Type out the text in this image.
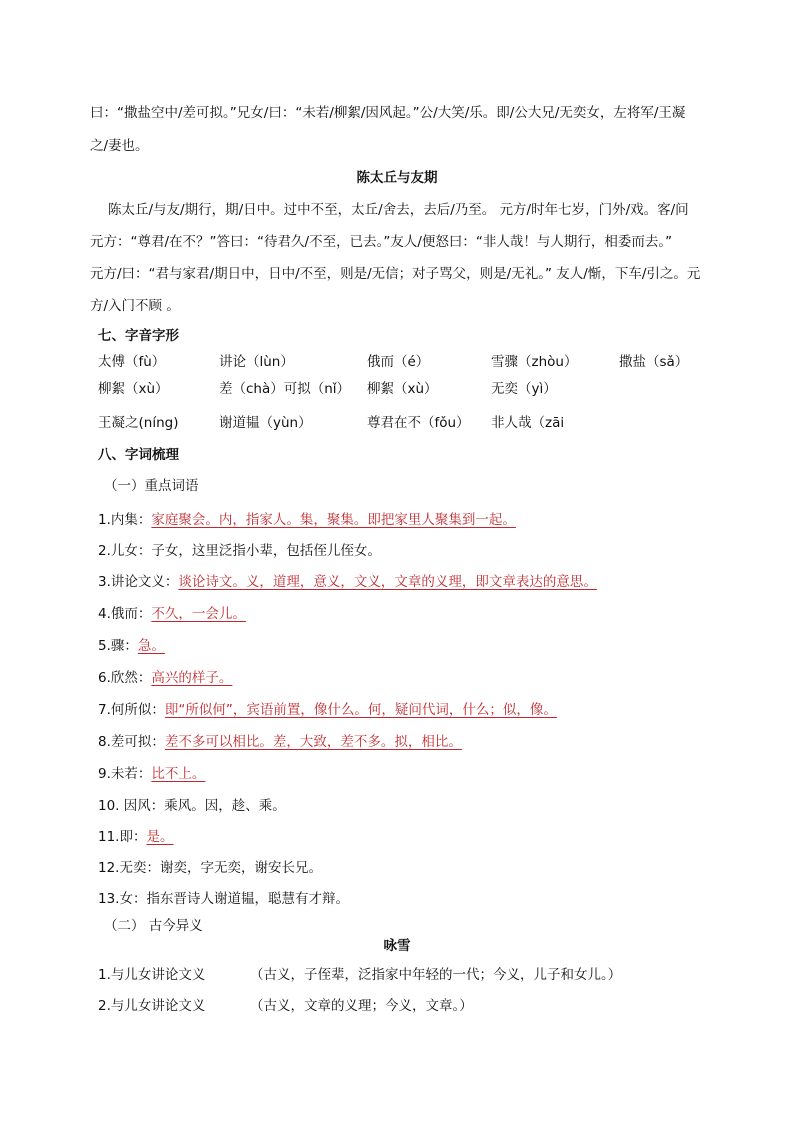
曰：“撒盐空中/差可拟。”兄女/曰：“未若/柳絮/因风起。”公/大笑/乐。即/公大兄/无奕女，左将军/王凝
之/妻也。
陈太丘与友期
陈太丘/与友/期行，期/日中。过中不至，太丘/舍去，去后/乃至。 元方/时年七岁，门外/戏。客/问
元方：“尊君/在不？”答曰：“待君久/不至，已去。”友人/便怒曰：“非人哉！与人期行，相委而去。”
元方/曰：“君与家君/期日中，日中/不至，则是/无信；对子骂父，则是/无礼。” 友人/惭，下车/引之。元
方/入门不顾 。
七、字音字形
太傅（fù）	讲论（lùn）	俄而（é）	雪骤（zhòu）	撒盐（sǎ）
柳絮（xù）	差（chà）可拟（nǐ） 柳絮（xù）	无奕（yì）
王凝之(níng)	谢道韫（yùn）	尊君在不（fǒu） 非人哉（zāi
八、字词梳理
（一）重点词语
1.内集：家庭聚会。内，指家人。集，聚集。即把家里人聚集到一起。
2.儿女：子女，这里泛指小辈，包括侄儿侄女。
3.讲论文义：谈论诗文。义，道理，意义，文义，文章的义理，即文章表达的意思。
4.俄而：不久，一会儿。
5.骤：急。
6.欣然：高兴的样子。
7.何所似：即“所似何”，宾语前置，像什么。何，疑问代词，什么；似，像。
8.差可拟：差不多可以相比。差，大致，差不多。拟，相比。
9.未若：比不上。
10. 因风：乘风。因，趁、乘。
11.即：是。
12.无奕：谢奕，字无奕，谢安长兄。
13.女：指东晋诗人谢道韫，聪慧有才辩。
（二） 古今异义
咏雪
1.与儿女讲论文义	（古义，子侄辈，泛指家中年轻的一代；今义，儿子和女儿。）
2.与儿女讲论文义	（古义，文章的义理；今义，文章。）
